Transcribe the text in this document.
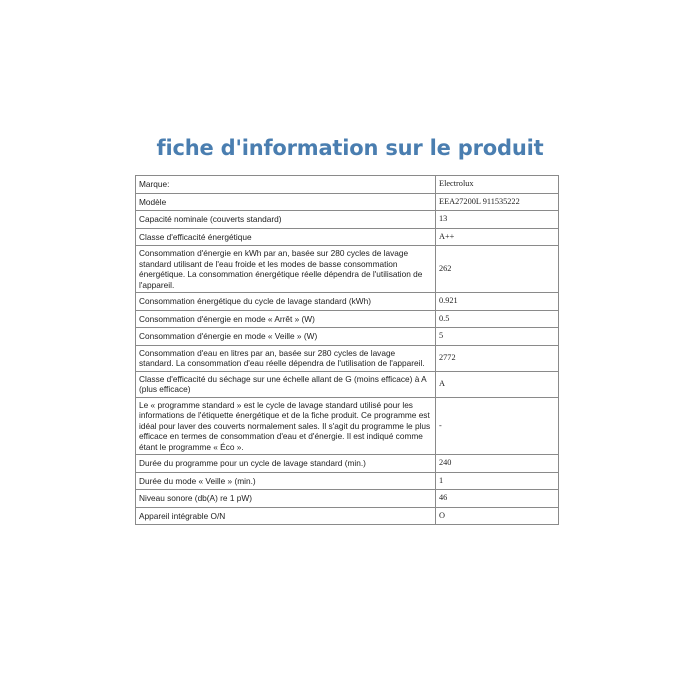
fiche d'information sur le produit
Marque:	Electrolux
Modèle	EEA27200L 911535222
Capacité nominale (couverts standard)	13
Classe d'efficacité énergétique	A++
Consommation d'énergie en kWh par an, basée sur 280 cycles de lavage standard utilisant de l'eau froide et les modes de basse consommation énergétique. La consommation énergétique réelle dépendra de l'utilisation de l'appareil.	262
Consommation énergétique du cycle de lavage standard (kWh)	0.921
Consommation d'énergie en mode « Arrêt » (W)	0.5
Consommation d'énergie en mode « Veille » (W)	5
Consommation d'eau en litres par an, basée sur 280 cycles de lavage standard. La consommation d'eau réelle dépendra de l'utilisation de l'appareil.	2772
Classe d'efficacité du séchage sur une échelle allant de G (moins efficace) à A (plus efficace)	A
Le « programme standard » est le cycle de lavage standard utilisé pour les informations de l'étiquette énergétique et de la fiche produit. Ce programme est idéal pour laver des couverts normalement sales. Il s'agit du programme le plus efficace en termes de consommation d'eau et d'énergie. Il est indiqué comme étant le programme « Éco ».	-
Durée du programme pour un cycle de lavage standard (min.)	240
Durée du mode « Veille » (min.)	1
Niveau sonore (db(A) re 1 pW)	46
Appareil intégrable O/N	O
